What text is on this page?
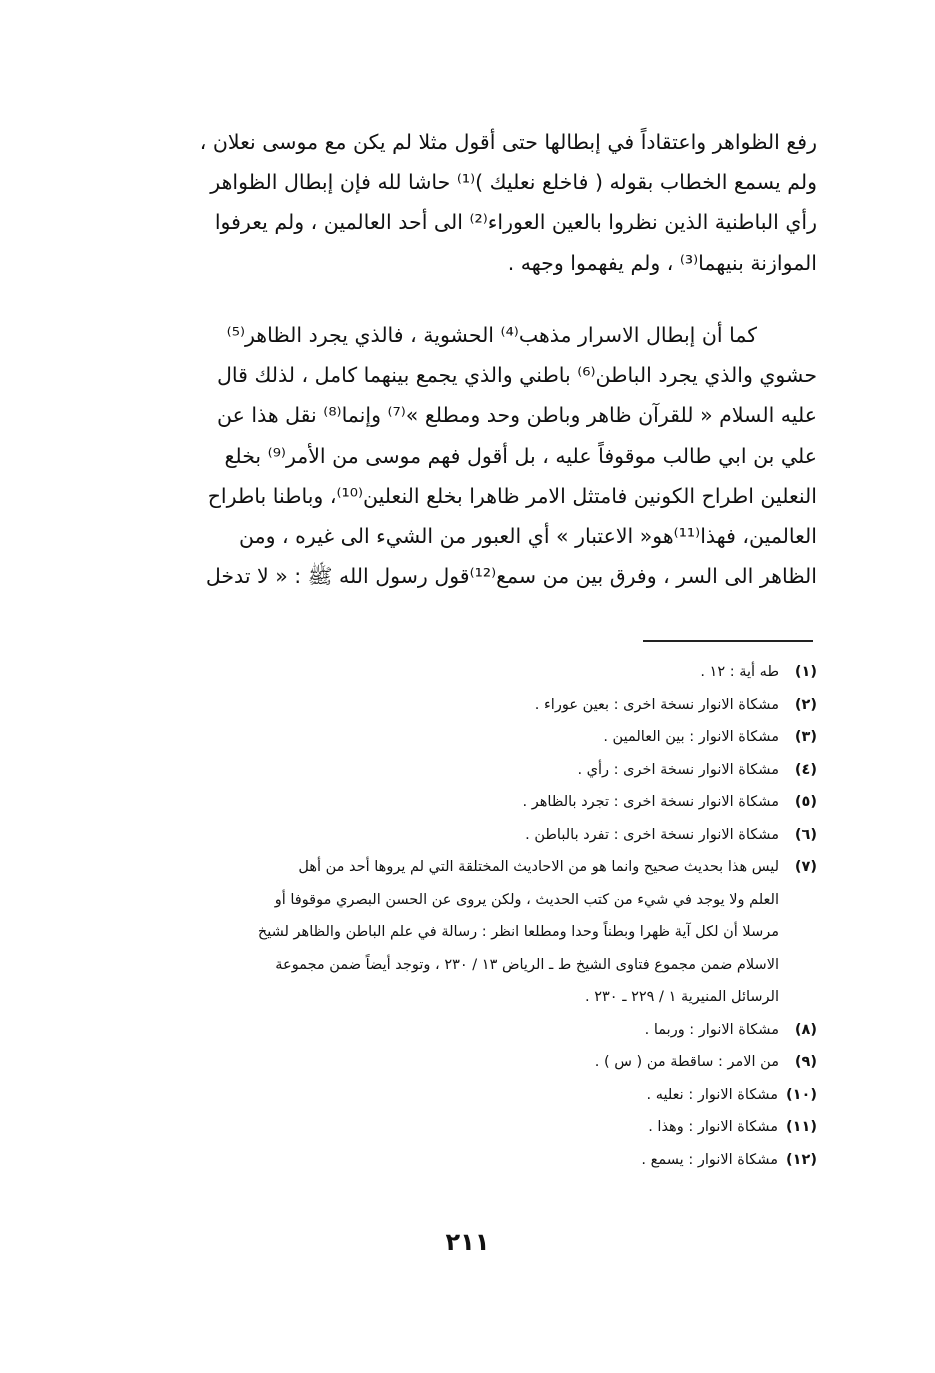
رفع الظواهر واعتقاداً في إبطالها حتى أقول مثلا لم يكن مع موسى نعلان ،
ولم يسمع الخطاب بقوله ( فاخلع نعليك )⁽¹⁾ حاشا لله فإن إبطال الظواهر
رأي الباطنية الذين نظروا بالعين العوراء⁽²⁾ الى أحد العالمين ، ولم يعرفوا
الموازنة بنيهما⁽³⁾ ، ولم يفهموا وجهه .
كما أن إبطال الاسرار مذهب⁽⁴⁾ الحشوية ، فالذي يجرد الظاهر⁽⁵⁾
حشوي والذي يجرد الباطن⁽⁶⁾ باطني والذي يجمع بينهما كامل ، لذلك قال
عليه السلام « للقرآن ظاهر وباطن وحد ومطلع »⁽⁷⁾ وإنما⁽⁸⁾ نقل هذا عن
علي بن ابي طالب موقوفاً عليه ، بل أقول فهم موسى من الأمر⁽⁹⁾ بخلع
النعلين اطراح الكونين فامتثل الامر ظاهرا بخلع النعلين⁽¹⁰⁾، وباطنا باطراح
العالمين، فهذا⁽¹¹⁾هو« الاعتبار » أي العبور من الشيء الى غيره ، ومن
الظاهر الى السر ، وفرق بين من سمع⁽¹²⁾قول رسول الله ﷺ : « لا تدخل
(١)
طه أية : ١٢ .
(٢)
مشكاة الانوار نسخة اخرى : بعين عوراء .
(٣)
مشكاة الانوار : بين العالمين .
(٤)
مشكاة الانوار نسخة اخرى : رأي .
(٥)
مشكاة الانوار نسخة اخرى : تجرد بالظاهر .
(٦)
مشكاة الانوار نسخة اخرى : تفرد بالباطن .
(٧)
ليس هذا بحديث صحيح وانما هو من الاحاديث المختلقة التي لم يروها أحد من أهل
العلم ولا يوجد في شيء من كتب الحديث ، ولكن يروى عن الحسن البصري موقوفا أو
مرسلا أن لكل آية ظهرا وبطناً وحدا ومطلعا انظر : رسالة في علم الباطن والظاهر لشيخ
الاسلام ضمن مجموع فتاوى الشيخ ط ـ الرياض ١٣ / ٢٣٠ ، وتوجد أيضاً ضمن مجموعة
الرسائل المنيرية ١ / ٢٢٩ ـ ٢٣٠ .
(٨)
مشكاة الانوار : وربما .
(٩)
من الامر : ساقطة من ( س ) .
(١٠)
مشكاة الانوار : نعليه .
(١١)
مشكاة الانوار : وهذا .
(١٢)
مشكاة الانوار : يسمع .
٢١١
